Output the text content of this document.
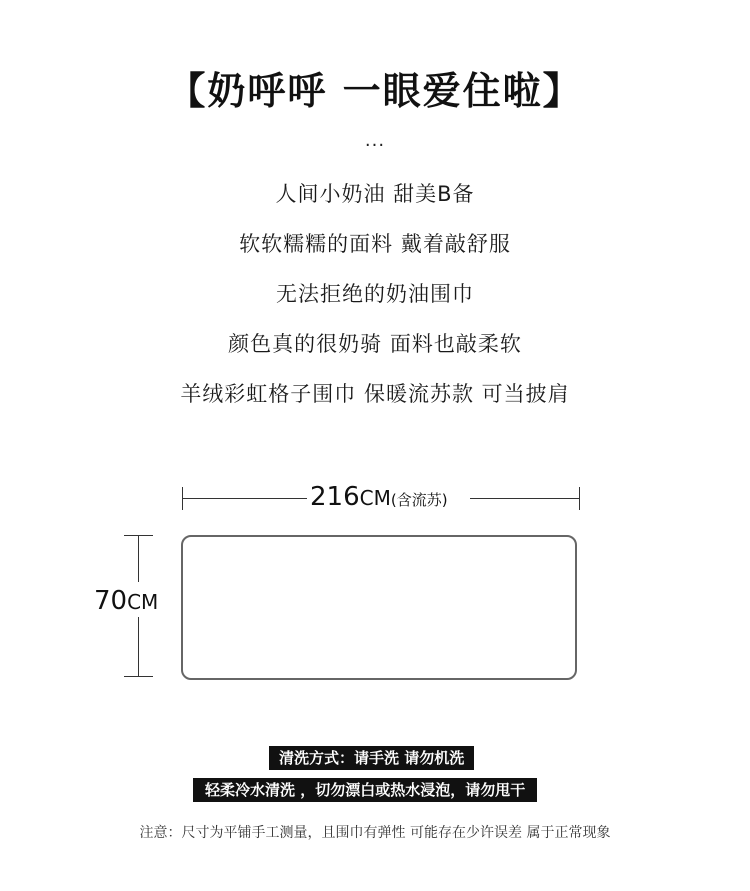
【奶呼呼 一眼爱住啦】
...
人间小奶油 甜美B备
软软糯糯的面料 戴着敲舒服
无法拒绝的奶油围巾
颜色真的很奶骑 面料也敲柔软
羊绒彩虹格子围巾 保暖流苏款 可当披肩
216CM(含流苏)
70CM
清洗方式：请手洗 请勿机洗
轻柔冷水清洗 ，切勿漂白或热水浸泡，请勿甩干
注意：尺寸为平铺手工测量，且围巾有弹性 可能存在少许误差 属于正常现象
